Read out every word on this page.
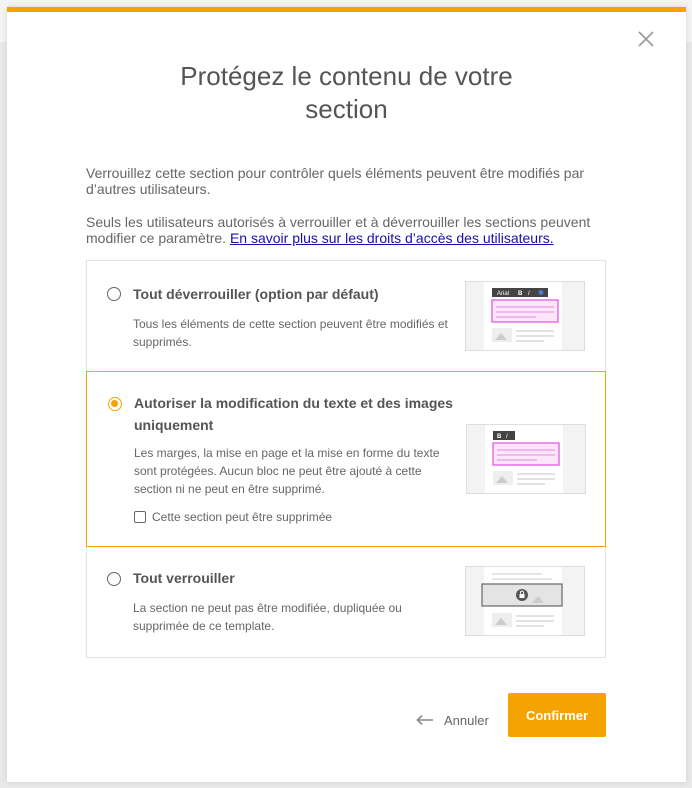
Protégez le contenu de votre
section

Verrouillez cette section pour contrôler quels éléments peuvent être modifiés par d’autres utilisateurs.

Seuls les utilisateurs autorisés à verrouiller et à déverrouiller les sections peuvent modifier ce paramètre. En savoir plus sur les droits d’accès des utilisateurs.

Tout déverrouiller (option par défaut)
Tous les éléments de cette section peuvent être modifiés et supprimés.
Arial B I
Autoriser la modification du texte et des images uniquement
Les marges, la mise en page et la mise en forme du texte sont protégées. Aucun bloc ne peut être ajouté à cette section ni ne peut en être supprimé.
Cette section peut être supprimée
B I
Tout verrouiller
La section ne peut pas être modifiée, dupliquée ou supprimée de ce template.
Annuler	Confirmer
